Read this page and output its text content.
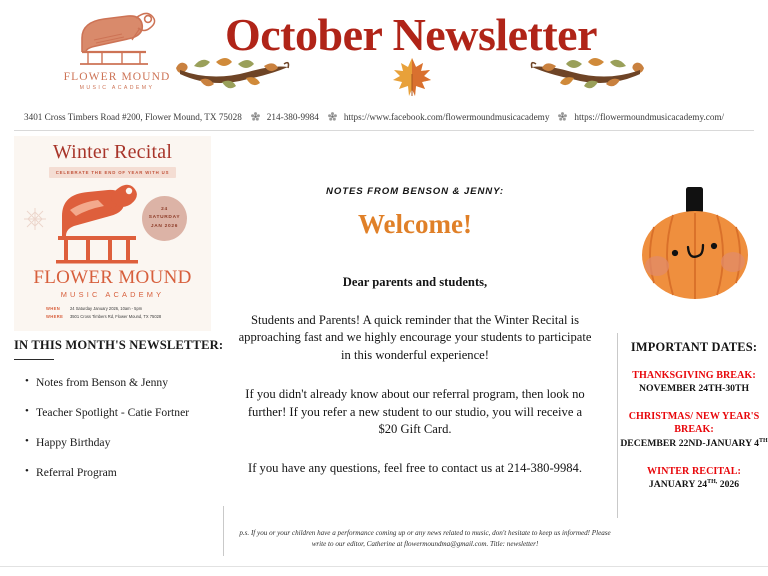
FLOWER MOUND
MUSIC ACADEMY
3401 Cross Timbers Road #200, Flower Mound, TX 75028	214-380-9984	https://www.facebook.com/flowermoundmusicacademy	https://flowermoundmusicacademy.com/
October Newsletter
Winter Recital
CELEBRATE THE END OF YEAR WITH US
24
SATURDAY
JAN 2026
FLOWER MOUND
MUSIC ACADEMY
WHEN 24 Saturday January 2026, 10am - 5pm
WHERE 3501 Cross Timbers Rd, Flower Mound, TX 75028
IN THIS MONTH'S NEWSLETTER:
• Notes from Benson & Jenny
• Teacher Spotlight - Catie Fortner
• Happy Birthday
• Referral Program
NOTES FROM BENSON & JENNY:
Welcome!
Dear parents and students,
Students and Parents! A quick reminder that the Winter Recital is approaching fast and we highly encourage your students to participate in this wonderful experience!
If you didn't already know about our referral program, then look no further! If you refer a new student to our studio, you will receive a $20 Gift Card.
If you have any questions, feel free to contact us at 214-380-9984.
p.s. If you or your children have a performance coming up or any news related to music, don't hesitate to keep us informed! Please write to our editor, Catherine at flowermoundma@gmail.com. Title: newsletter!
IMPORTANT DATES:
THANKSGIVING BREAK:
NOVEMBER 24TH-30TH
CHRISTMAS/ NEW YEAR'S BREAK:
DECEMBER 22ND-JANUARY 4TH
WINTER RECITAL:
JANUARY $24^{TH,}$ 2026
